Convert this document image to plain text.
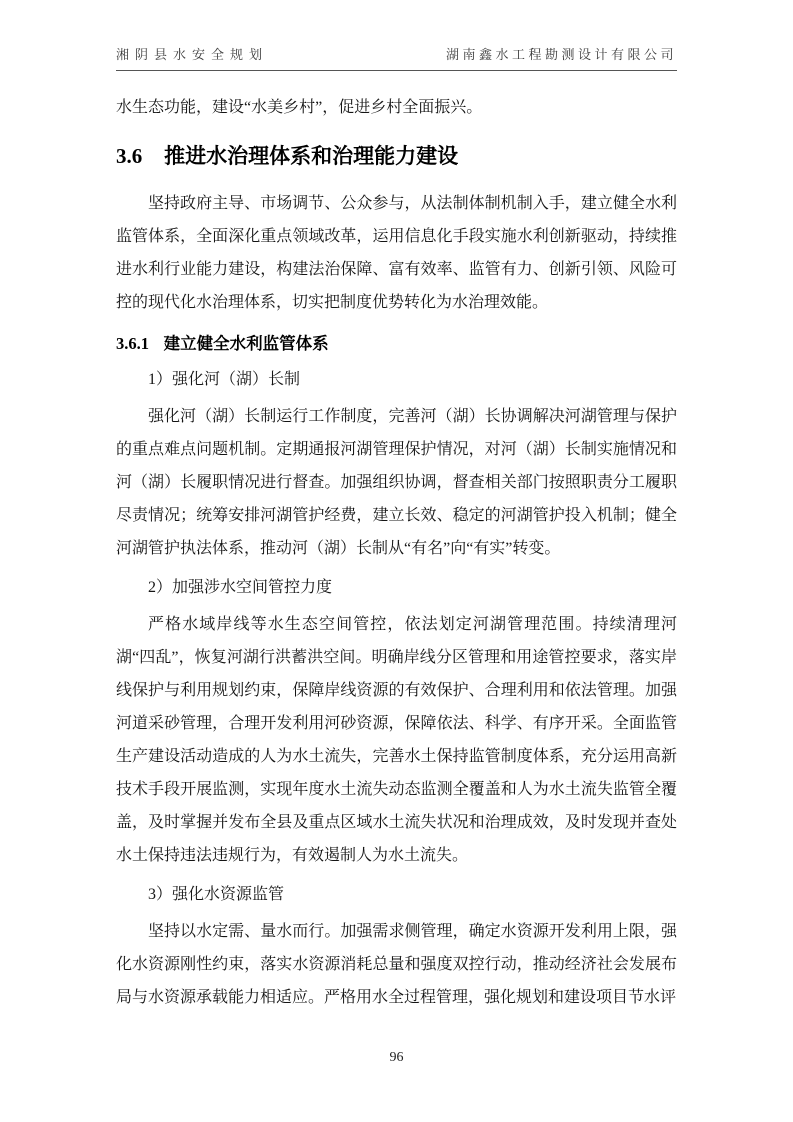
湘阴县水安全规划	湖南鑫水工程勘测设计有限公司

水生态功能，建设“水美乡村”，促进乡村全面振兴。

3.6 推进水治理体系和治理能力建设

坚持政府主导、市场调节、公众参与，从法制体制机制入手，建立健全水利监管体系，全面深化重点领域改革，运用信息化手段实施水利创新驱动，持续推进水利行业能力建设，构建法治保障、富有效率、监管有力、创新引领、风险可控的现代化水治理体系，切实把制度优势转化为水治理效能。

3.6.1 建立健全水利监管体系

1）强化河（湖）长制

强化河（湖）长制运行工作制度，完善河（湖）长协调解决河湖管理与保护的重点难点问题机制。定期通报河湖管理保护情况，对河（湖）长制实施情况和河（湖）长履职情况进行督查。加强组织协调，督查相关部门按照职责分工履职尽责情况；统筹安排河湖管护经费，建立长效、稳定的河湖管护投入机制；健全河湖管护执法体系，推动河（湖）长制从“有名”向“有实”转变。

2）加强涉水空间管控力度

严格水域岸线等水生态空间管控，依法划定河湖管理范围。持续清理河湖“四乱”，恢复河湖行洪蓄洪空间。明确岸线分区管理和用途管控要求，落实岸线保护与利用规划约束，保障岸线资源的有效保护、合理利用和依法管理。加强河道采砂管理，合理开发利用河砂资源，保障依法、科学、有序开采。全面监管生产建设活动造成的人为水土流失，完善水土保持监管制度体系，充分运用高新技术手段开展监测，实现年度水土流失动态监测全覆盖和人为水土流失监管全覆盖，及时掌握并发布全县及重点区域水土流失状况和治理成效，及时发现并查处水土保持违法违规行为，有效遏制人为水土流失。

3）强化水资源监管

坚持以水定需、量水而行。加强需求侧管理，确定水资源开发利用上限，强化水资源刚性约束，落实水资源消耗总量和强度双控行动，推动经济社会发展布局与水资源承载能力相适应。严格用水全过程管理，强化规划和建设项目节水评

96
